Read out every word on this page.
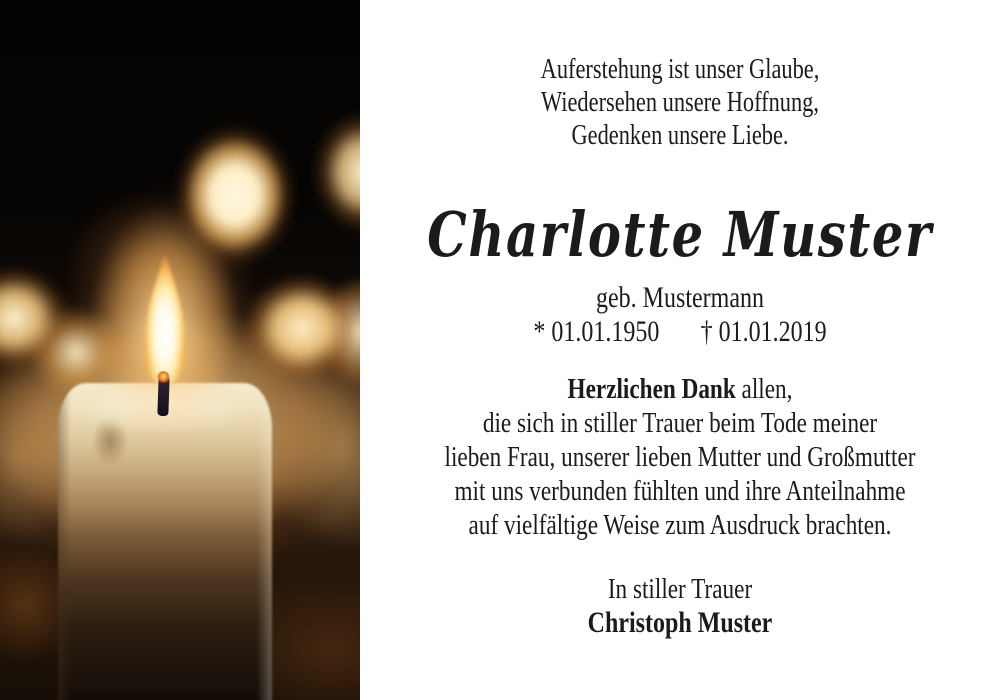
Auferstehung ist unser Glaube,
Wiedersehen unsere Hoffnung,
Gedenken unsere Liebe.
Charlotte Muster
geb. Mustermann
* 01.01.1950 † 01.01.2019
Herzlichen Dank allen,
die sich in stiller Trauer beim Tode meiner
lieben Frau, unserer lieben Mutter und Großmutter
mit uns verbunden fühlten und ihre Anteilnahme
auf vielfältige Weise zum Ausdruck brachten.
In stiller Trauer
Christoph Muster
